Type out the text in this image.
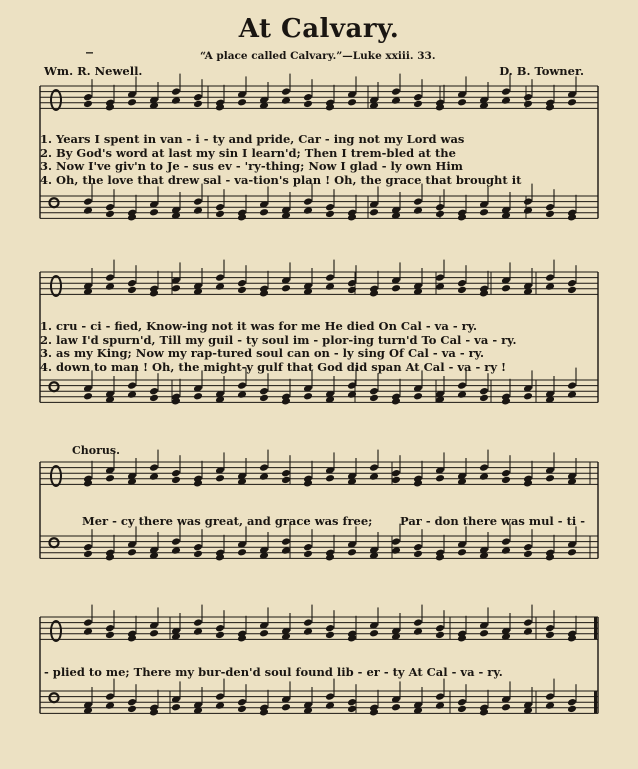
At Calvary.
_
“A place called Calvary.”—Luke xxiii. 33.
Wm. R. Newell.	D. B. Towner.
1. Years I spent in van - i - ty and pride, Car - ing not my Lord was
2. By God's word at last my sin I learn'd; Then I trem-bled at the
3. Now I've giv'n to Je - sus ev - 'ry-thing; Now I glad - ly own Him
4. Oh, the love that drew sal - va-tion's plan ! Oh, the grace that brought it
1. cru - ci - fied, Know-ing not it was for me He died On Cal - va - ry.
2. law I'd spurn'd, Till my guil - ty soul im - plor-ing turn'd To Cal - va - ry.
3. as my King; Now my rap-tured soul can on - ly sing Of Cal - va - ry.
4. down to man ! Oh, the might-y gulf that God did span At Cal - va - ry !
Chorus.
Mer - cy there was great, and grace was free; Par - don there was mul - ti -
- plied to me; There my bur-den'd soul found lib - er - ty At Cal - va - ry.
